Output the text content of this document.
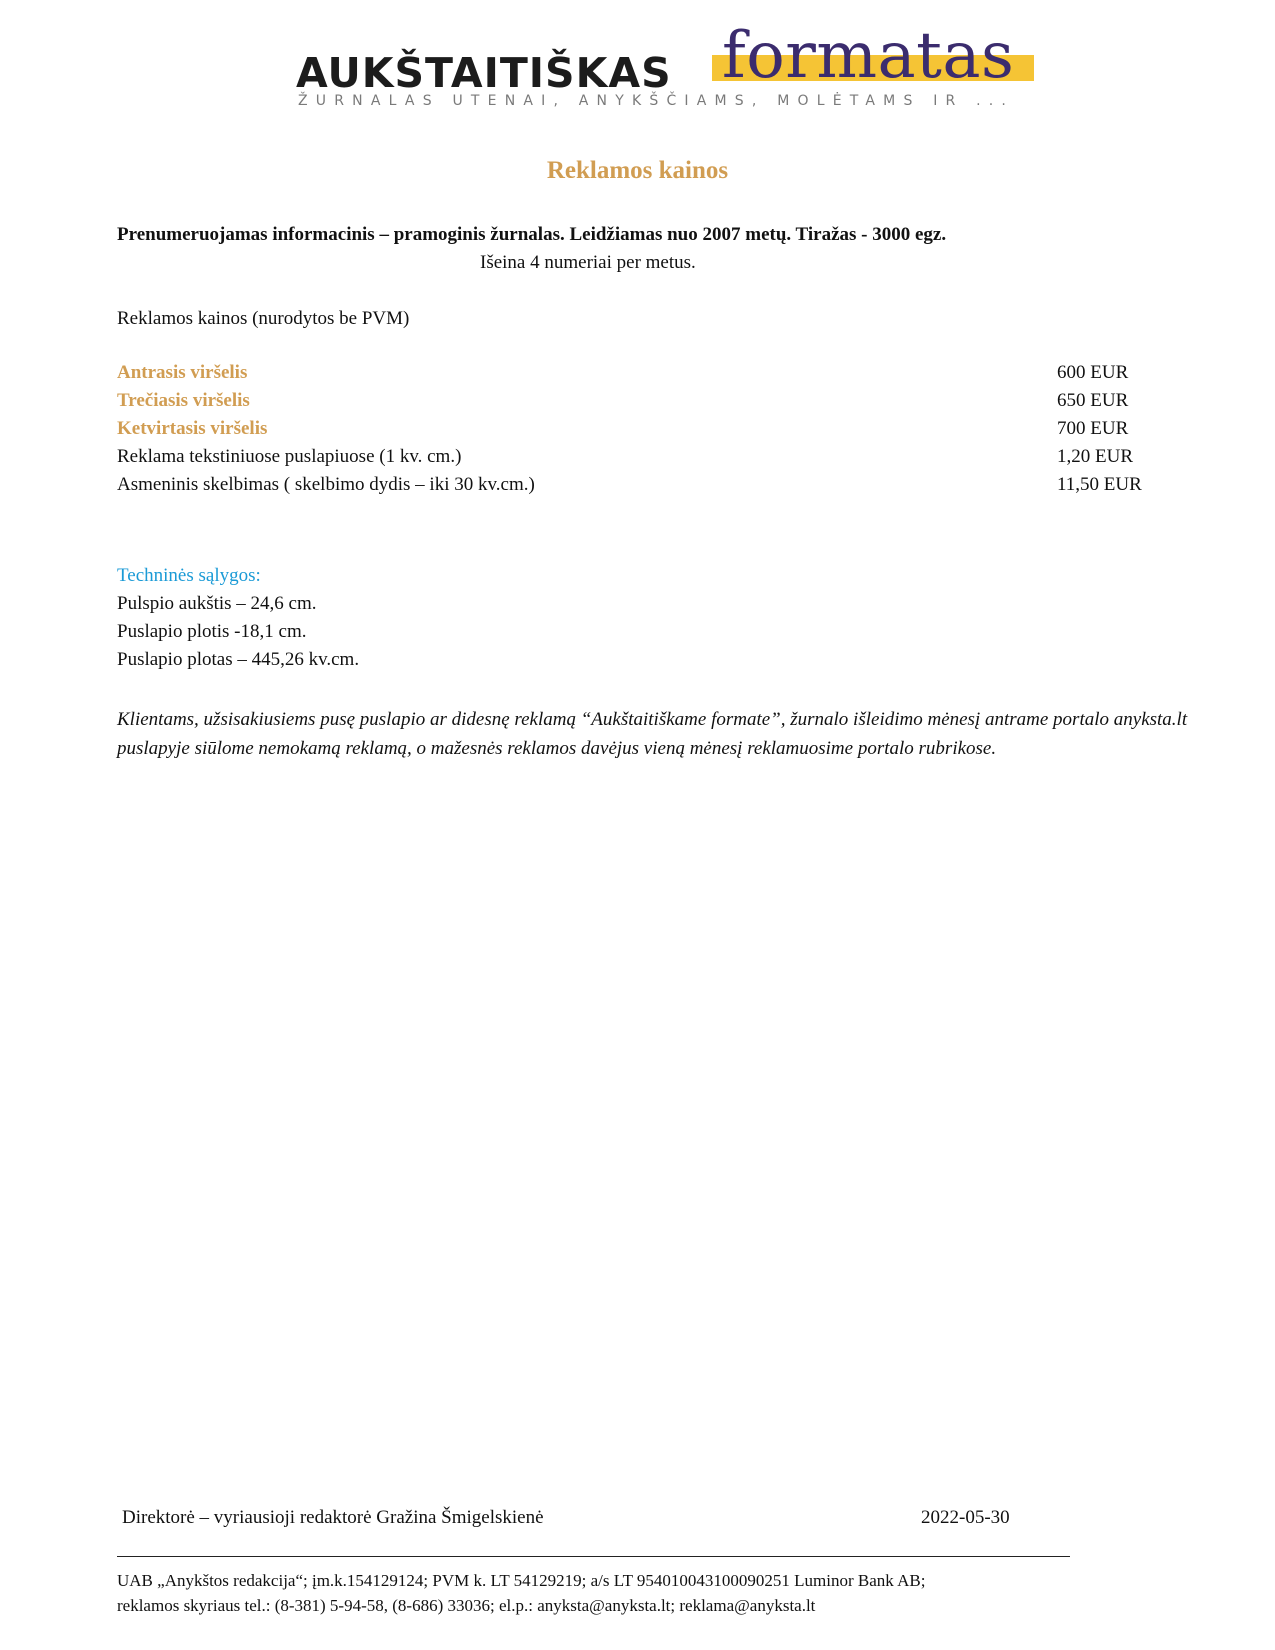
AUKŠTAITIŠKAS formatas
ŽURNALAS UTENAI, ANYKŠČIAMS, MOLĖTAMS IR ...
Reklamos kainos
Prenumeruojamas informacinis – pramoginis žurnalas. Leidžiamas nuo 2007 metų. Tiražas - 3000 egz.
Išeina 4 numeriai per metus.
Reklamos kainos (nurodytos be PVM)
Antrasis viršelis	600 EUR
Trečiasis viršelis	650 EUR
Ketvirtasis viršelis	700 EUR
Reklama tekstiniuose puslapiuose (1 kv. cm.)	1,20 EUR
Asmeninis skelbimas ( skelbimo dydis – iki 30 kv.cm.)	11,50 EUR
Techninės sąlygos:
Pulspio aukštis – 24,6 cm.
Puslapio plotis -18,1 cm.
Puslapio plotas – 445,26 kv.cm.
Klientams, užsisakiusiems pusę puslapio ar didesnę reklamą “Aukštaitiškame formate”, žurnalo išleidimo mėnesį antrame portalo anyksta.lt puslapyje siūlome nemokamą reklamą, o mažesnės reklamos davėjus vieną mėnesį reklamuosime portalo rubrikose.
Direktorė – vyriausioji redaktorė Gražina Šmigelskienė	2022-05-30
UAB „Anykštos redakcija“; įm.k.154129124; PVM k. LT 54129219; a/s LT 954010043100090251 Luminor Bank AB;
reklamos skyriaus tel.: (8-381) 5-94-58, (8-686) 33036; el.p.: anyksta@anyksta.lt; reklama@anyksta.lt
